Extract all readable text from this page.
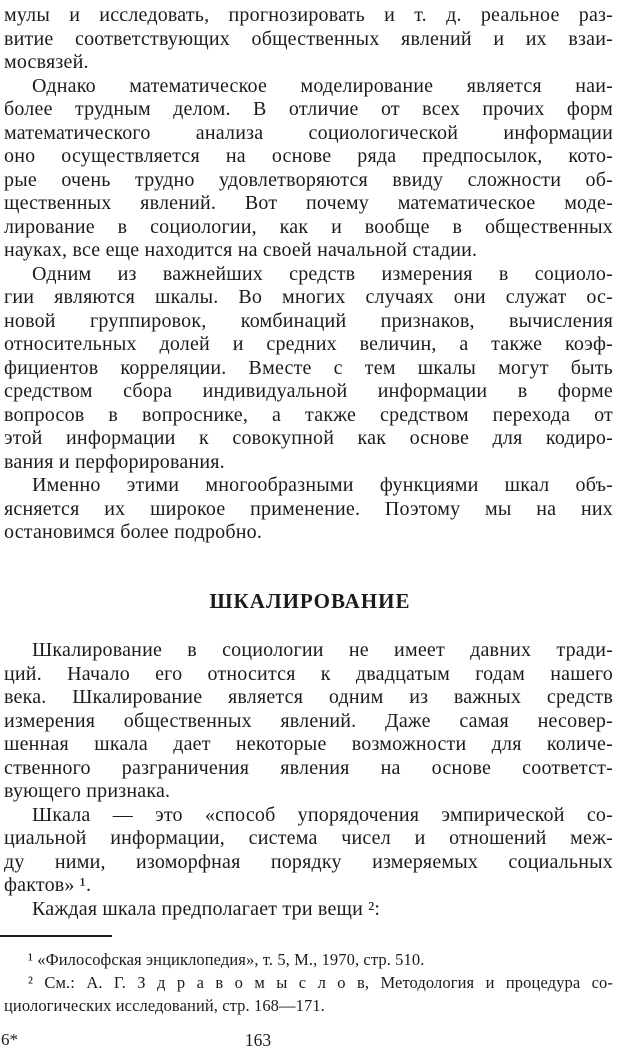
мулы и исследовать, прогнозировать и т. д. реальное раз-
витие соответствующих общественных явлений и их взаи-
мосвязей.
Однако математическое моделирование является наи-
более трудным делом. В отличие от всех прочих форм
математического анализа социологической информации
оно осуществляется на основе ряда предпосылок, кото-
рые очень трудно удовлетворяются ввиду сложности об-
щественных явлений. Вот почему математическое моде-
лирование в социологии, как и вообще в общественных
науках, все еще находится на своей начальной стадии.
Одним из важнейших средств измерения в социоло-
гии являются шкалы. Во многих случаях они служат ос-
новой группировок, комбинаций признаков, вычисления
относительных долей и средних величин, а также коэф-
фициентов корреляции. Вместе с тем шкалы могут быть
средством сбора индивидуальной информации в форме
вопросов в вопроснике, а также средством перехода от
этой информации к совокупной как основе для кодиро-
вания и перфорирования.
Именно этими многообразными функциями шкал объ-
ясняется их широкое применение. Поэтому мы на них
остановимся более подробно.
ШКАЛИРОВАНИЕ
Шкалирование в социологии не имеет давних тради-
ций. Начало его относится к двадцатым годам нашего
века. Шкалирование является одним из важных средств
измерения общественных явлений. Даже самая несовер-
шенная шкала дает некоторые возможности для количе-
ственного разграничения явления на основе соответст-
вующего признака.
Шкала — это «способ упорядочения эмпирической со-
циальной информации, система чисел и отношений меж-
ду ними, изоморфная порядку измеряемых социальных
фактов» ¹.
Каждая шкала предполагает три вещи ²:
¹ «Философская энциклопедия», т. 5, М., 1970, стр. 510.
² См.: А. Г. З д р а в о м ы с л о в, Методология и процедура со-
циологических исследований, стр. 168—171.
6*	163
